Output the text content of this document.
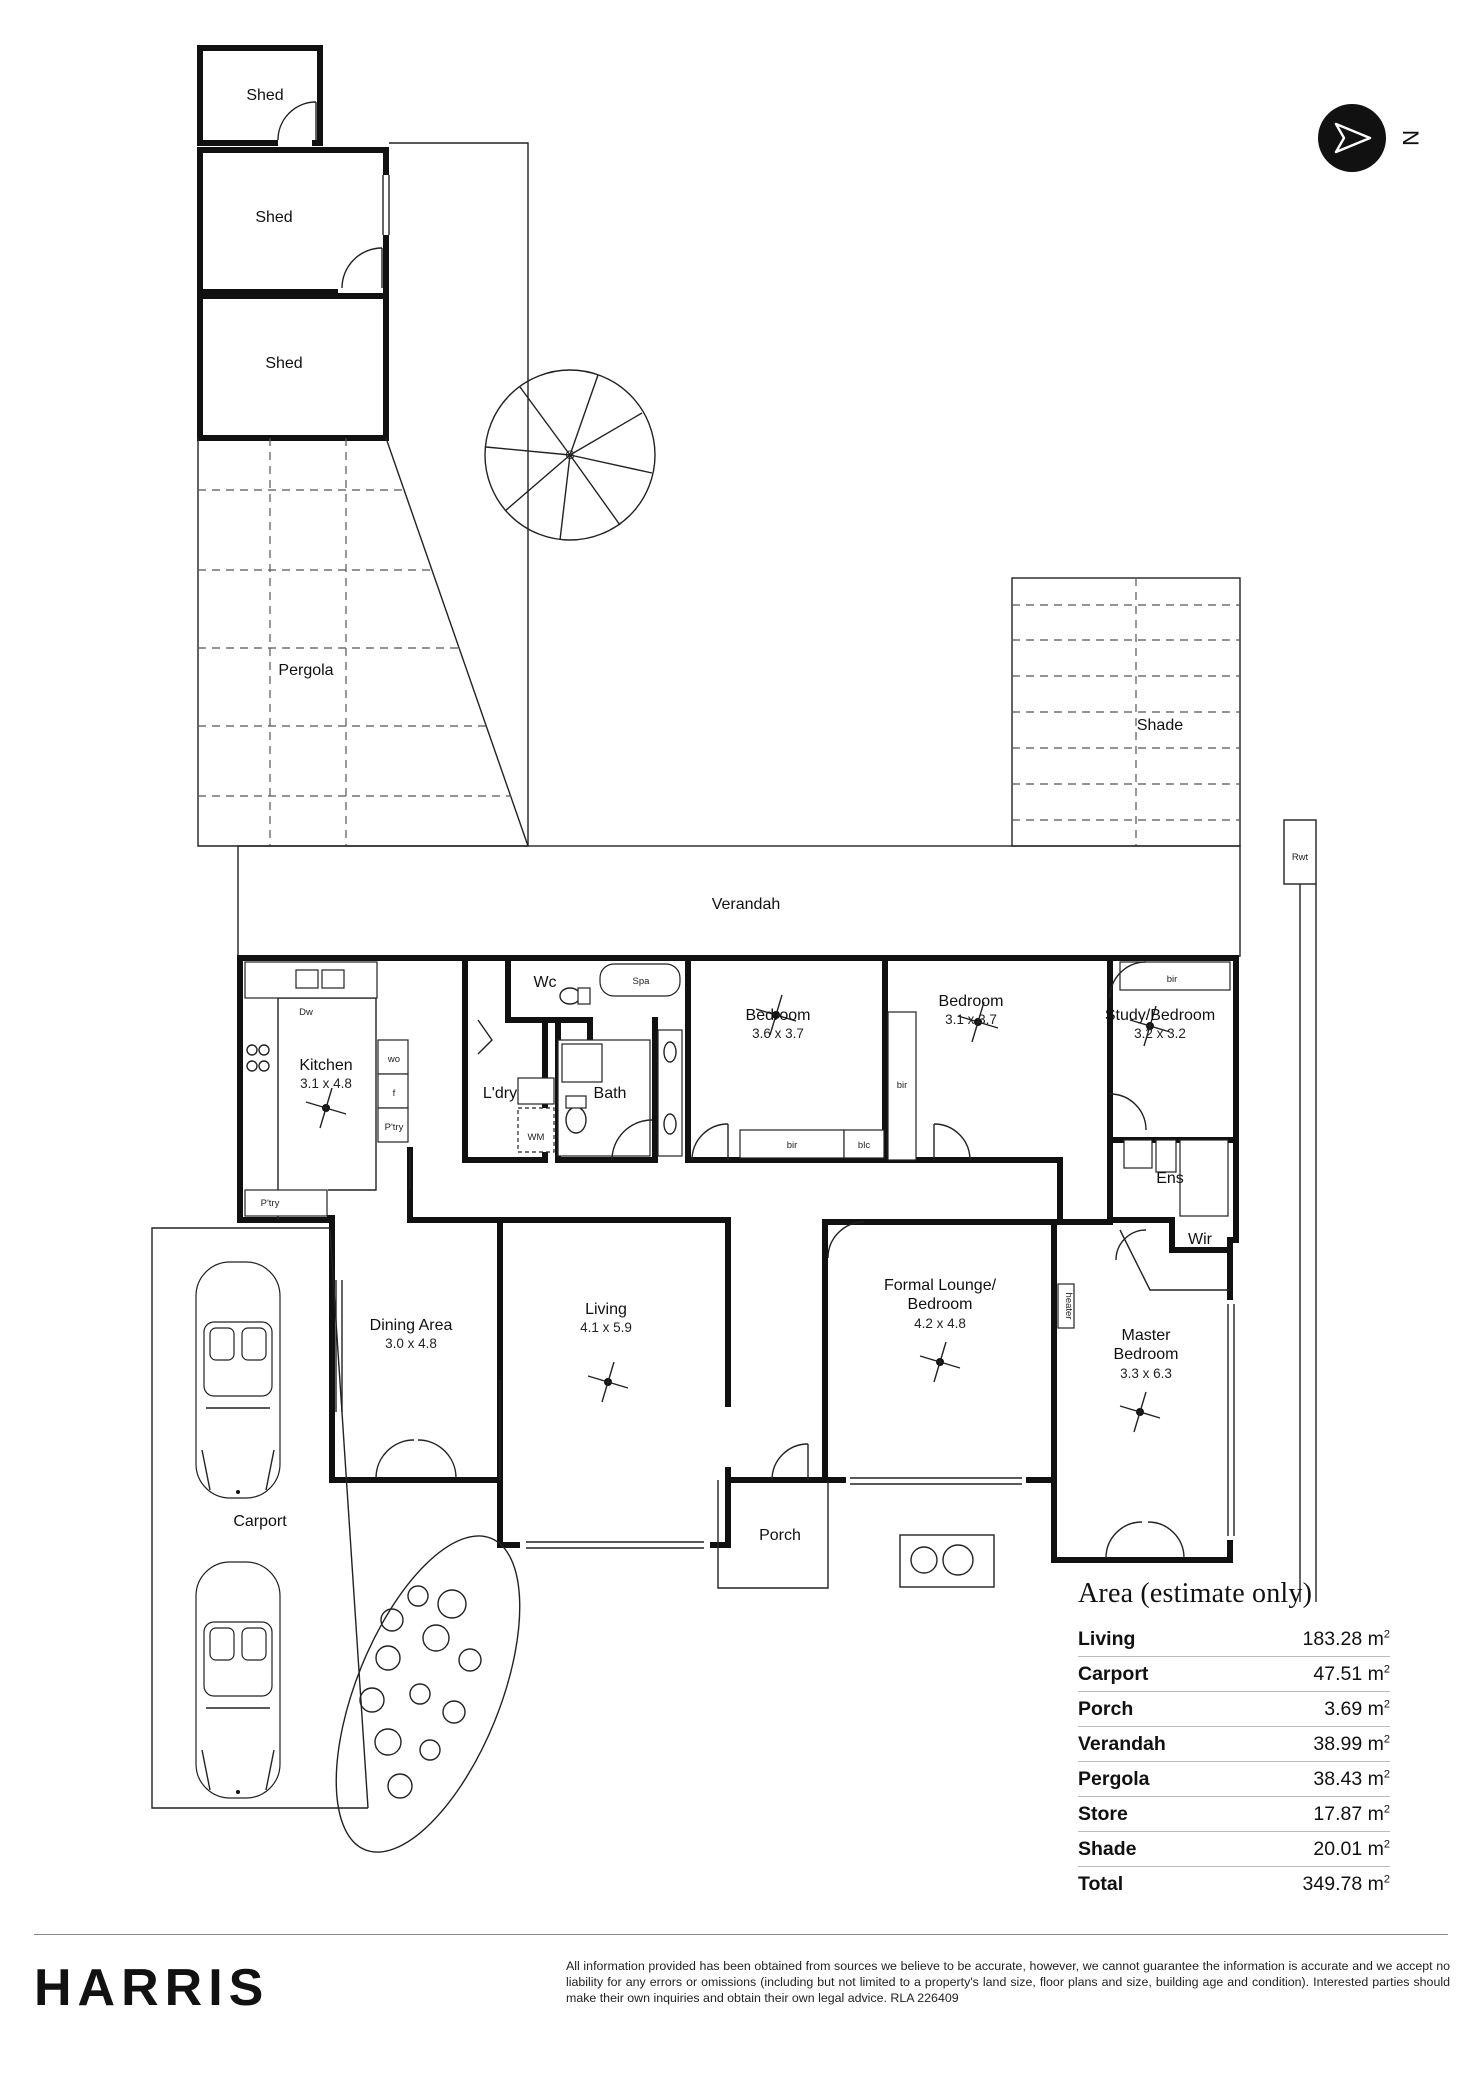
Shed
Shed
Shed
Pergola
G
Shade
Verandah
Rwt
Kitchen
3.1 x 4.8
Dw
wo
f
P'try
P'try
Wc	Spa
L'dry	Bath
WM
Bedroom
3.6 x 3.7
Bedroom
3.1 x 3.7	Study/Bedroom
3.2 x 3.2
bir
bir
bir
blc
Ens
Wir
Dining Area
3.0 x 4.8
Living
4.1 x 5.9
Formal Lounge/
Bedroom
4.2 x 4.8
heater
Master
Bedroom
3.3 x 6.3
Porch
Carport
N
Area (estimate only)
Living	183.28 $m^2$
Carport	47.51 $m^2$
Porch	3.69 $m^2$
Verandah	38.99 $m^2$
Pergola	38.43 $m^2$
Store	17.87 $m^2$
Shade	20.01 $m^2$
Total	349.78 $m^2$
HARRIS	All information provided has been obtained from sources we believe to be accurate, however, we cannot guarantee the information is accurate and we accept no liability for any errors or omissions (including but not limited to a property's land size, floor plans and size, building age and condition). Interested parties should make their own inquiries and obtain their own legal advice. RLA 226409
